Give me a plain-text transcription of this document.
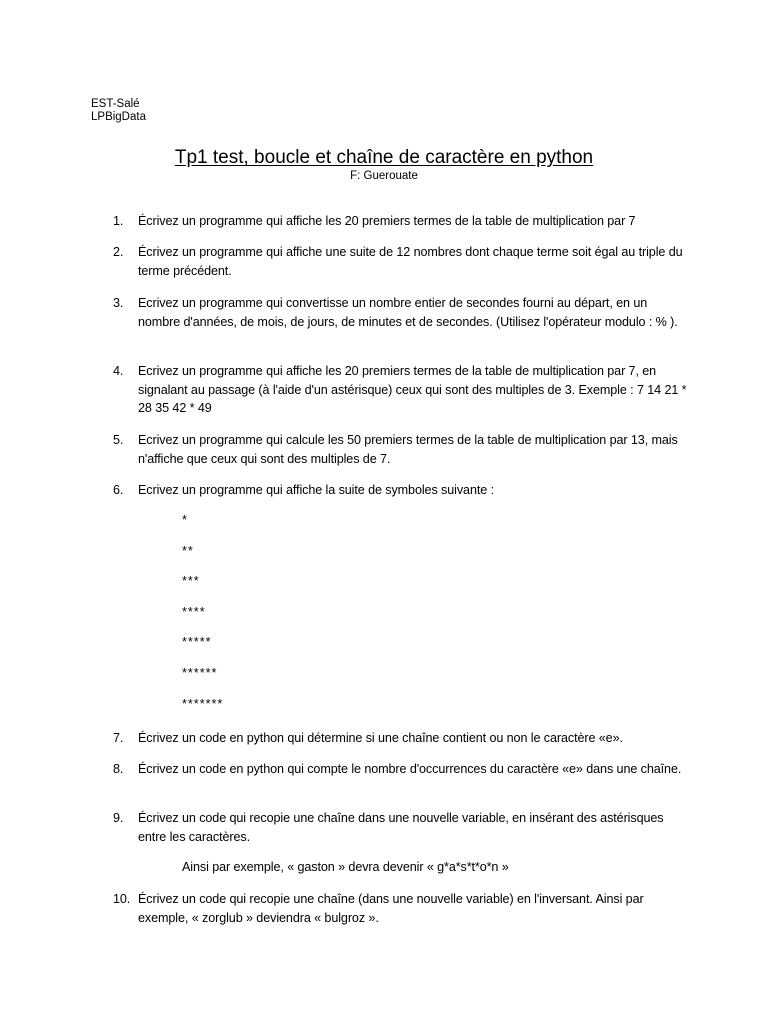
EST-Salé
LPBigData
Tp1 test, boucle et chaîne de caractère en python
F: Guerouate
1.	Écrivez un programme qui affiche les 20 premiers termes de la table de multiplication par 7
2.	Écrivez un programme qui affiche une suite de 12 nombres dont chaque terme soit égal au triple du terme précédent.
3.	Ecrivez un programme qui convertisse un nombre entier de secondes fourni au départ, en un nombre d'années, de mois, de jours, de minutes et de secondes. (Utilisez l'opérateur modulo : % ).
4.	Ecrivez un programme qui affiche les 20 premiers termes de la table de multiplication par 7, en signalant au passage (à l'aide d'un astérisque) ceux qui sont des multiples de 3. Exemple : 7 14 21 * 28 35 42 * 49
5.	Ecrivez un programme qui calcule les 50 premiers termes de la table de multiplication par 13, mais n'affiche que ceux qui sont des multiples de 7.
6.	Ecrivez un programme qui affiche la suite de symboles suivante :
*
**
***
****
*****
******
*******
7.	Écrivez un code en python qui détermine si une chaîne contient ou non le caractère «e».
8.	Écrivez un code en python qui compte le nombre d'occurrences du caractère «e» dans une chaîne.
9.	Écrivez un code qui recopie une chaîne dans une nouvelle variable, en insérant des astérisques entre les caractères.
Ainsi par exemple, « gaston » devra devenir « g*a*s*t*o*n »
10. Écrivez un code qui recopie une chaîne (dans une nouvelle variable) en l'inversant. Ainsi par exemple, « zorglub » deviendra « bulgroz ».
